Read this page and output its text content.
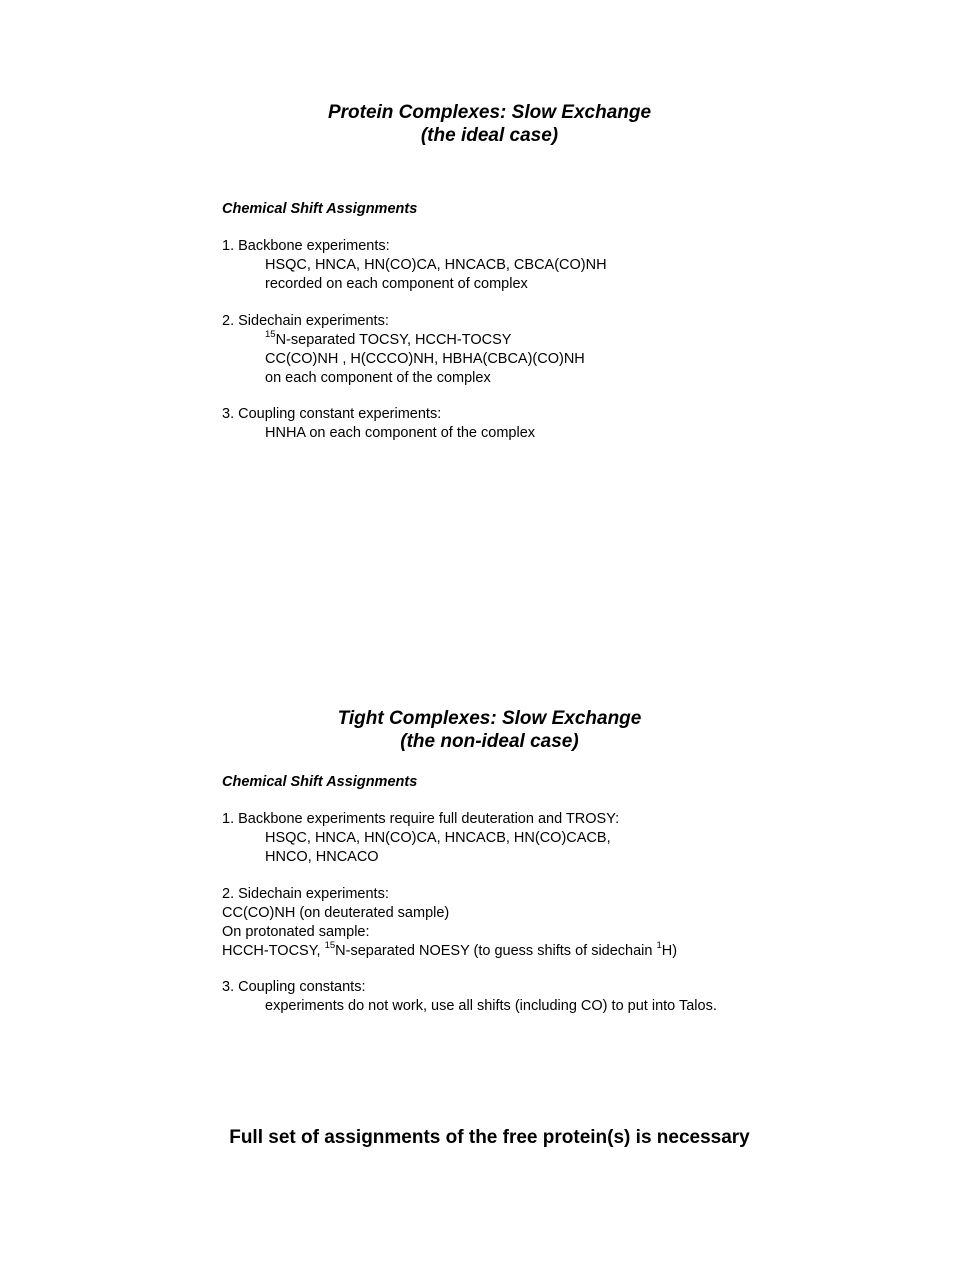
Protein Complexes: Slow Exchange
(the ideal case)
Chemical Shift Assignments
1. Backbone experiments:
HSQC, HNCA, HN(CO)CA, HNCACB, CBCA(CO)NH
recorded on each component of complex
2. Sidechain experiments:
$^{15}$N-separated TOCSY, HCCH-TOCSY
CC(CO)NH , H(CCCO)NH, HBHA(CBCA)(CO)NH
on each component of the complex
3. Coupling constant experiments:
HNHA on each component of the complex
Tight Complexes: Slow Exchange
(the non-ideal case)
Chemical Shift Assignments
1. Backbone experiments require full deuteration and TROSY:
HSQC, HNCA, HN(CO)CA, HNCACB, HN(CO)CACB,
HNCO, HNCACO
2. Sidechain experiments:
CC(CO)NH (on deuterated sample)
On protonated sample:
HCCH-TOCSY, $^{15}$N-separated NOESY (to guess shifts of sidechain $^1$H)
3. Coupling constants:
experiments do not work, use all shifts (including CO) to put into Talos.
Full set of assignments of the free protein(s) is necessary
